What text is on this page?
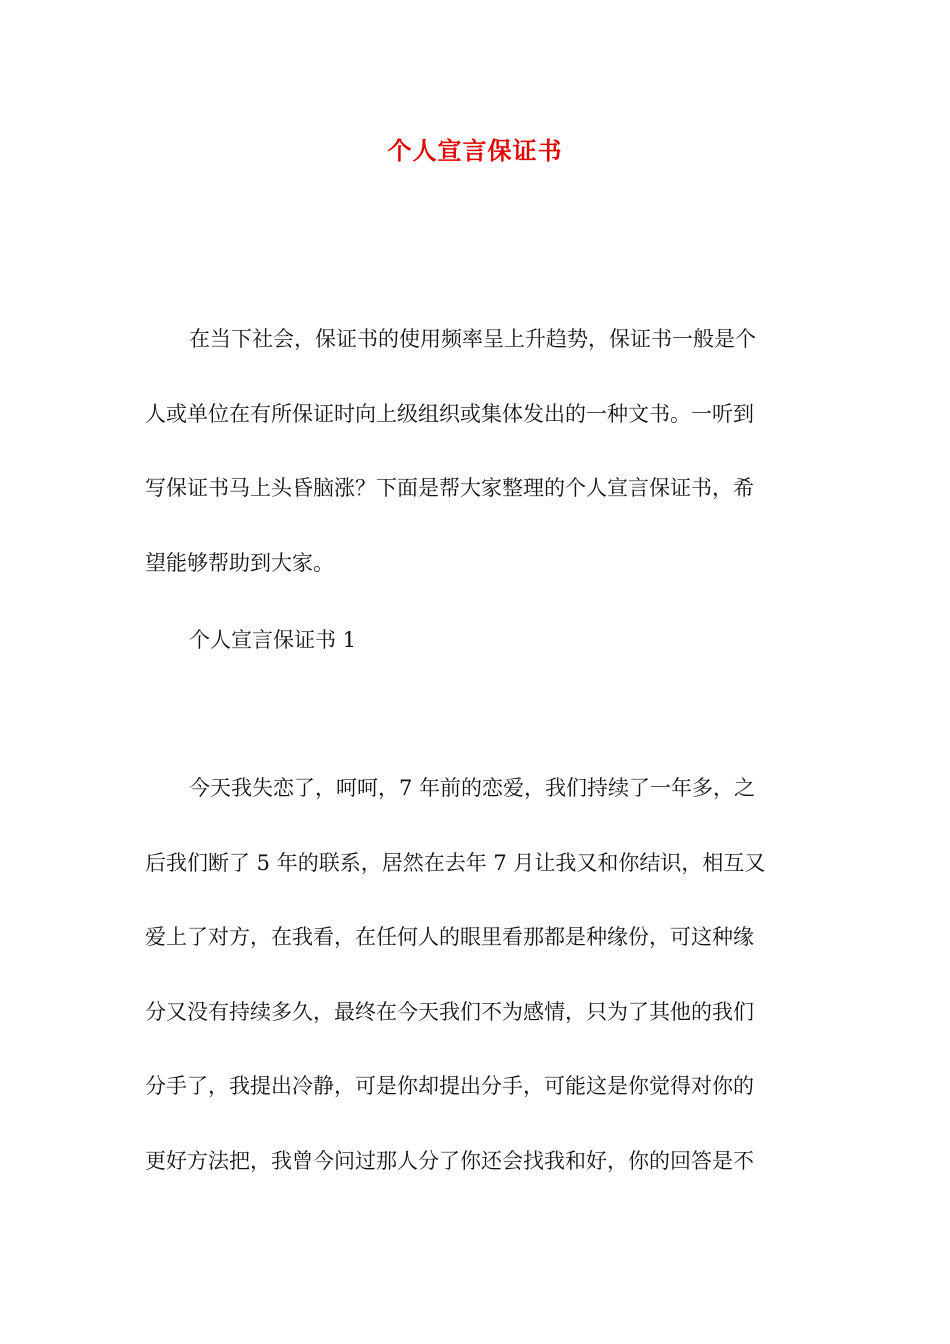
个人宣言保证书
在当下社会，保证书的使用频率呈上升趋势，保证书一般是个
人或单位在有所保证时向上级组织或集体发出的一种文书。一听到
写保证书马上头昏脑涨？下面是帮大家整理的个人宣言保证书，希
望能够帮助到大家。
个人宣言保证书 1
今天我失恋了，呵呵，7 年前的恋爱，我们持续了一年多，之
后我们断了 5 年的联系，居然在去年 7 月让我又和你结识，相互又
爱上了对方，在我看，在任何人的眼里看那都是种缘份，可这种缘
分又没有持续多久，最终在今天我们不为感情，只为了其他的我们
分手了，我提出冷静，可是你却提出分手，可能这是你觉得对你的
更好方法把，我曾今问过那人分了你还会找我和好，你的回答是不
